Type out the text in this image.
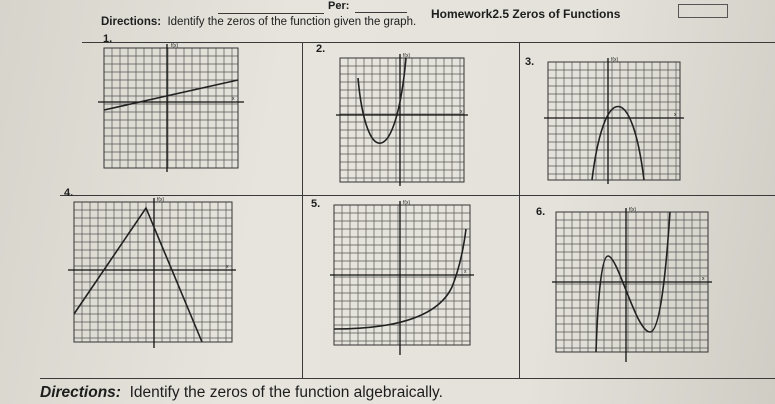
Per:
Homework2.5 Zeros of Functions
Directions: Identify the zeros of the function given the graph.
1.
2.
3.
4.
5.
6.
f(x)
x
f(x)
x
f(x)
x
f(x)
x
f(x)
x
f(x)
x
Directions: Identify the zeros of the function algebraically.
